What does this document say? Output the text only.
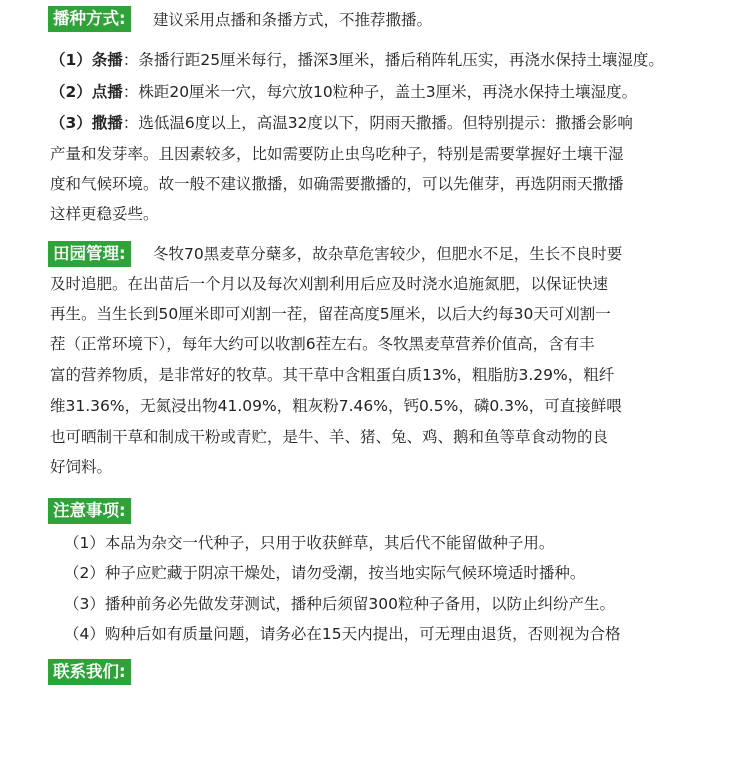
播种方式:	建议采用点播和条播方式，不推荐撒播。
（1）条播：条播行距25厘米每行，播深3厘米，播后稍阵轧压实，再浇水保持土壤湿度。
（2）点播：株距20厘米一穴，每穴放10粒种子，盖土3厘米，再浇水保持土壤湿度。
（3）撒播：选低温6度以上，高温32度以下，阴雨天撒播。但特别提示：撒播会影响
产量和发芽率。且因素较多，比如需要防止虫鸟吃种子，特别是需要掌握好土壤干湿
度和气候环境。故一般不建议撒播，如确需要撒播的，可以先催芽，再选阴雨天撒播
这样更稳妥些。
田园管理:	冬牧70黑麦草分蘖多，故杂草危害较少，但肥水不足，生长不良时要
及时追肥。在出苗后一个月以及每次刈割利用后应及时浇水追施氮肥，以保证快速
再生。当生长到50厘米即可刈割一茬，留茬高度5厘米，以后大约每30天可刈割一
茬（正常环境下），每年大约可以收割6茬左右。冬牧黑麦草营养价值高，含有丰
富的营养物质，是非常好的牧草。其干草中含粗蛋白质13%，粗脂肪3.29%，粗纤
维31.36%，无氮浸出物41.09%，粗灰粉7.46%，钙0.5%，磷0.3%，可直接鲜喂
也可晒制干草和制成干粉或青贮，是牛、羊、猪、兔、鸡、鹅和鱼等草食动物的良
好饲料。
注意事项:
（1）本品为杂交一代种子，只用于收获鲜草，其后代不能留做种子用。
（2）种子应贮藏于阴凉干燥处，请勿受潮，按当地实际气候环境适时播种。
（3）播种前务必先做发芽测试，播种后须留300粒种子备用，以防止纠纷产生。
（4）购种后如有质量问题，请务必在15天内提出，可无理由退货，否则视为合格
联系我们:
